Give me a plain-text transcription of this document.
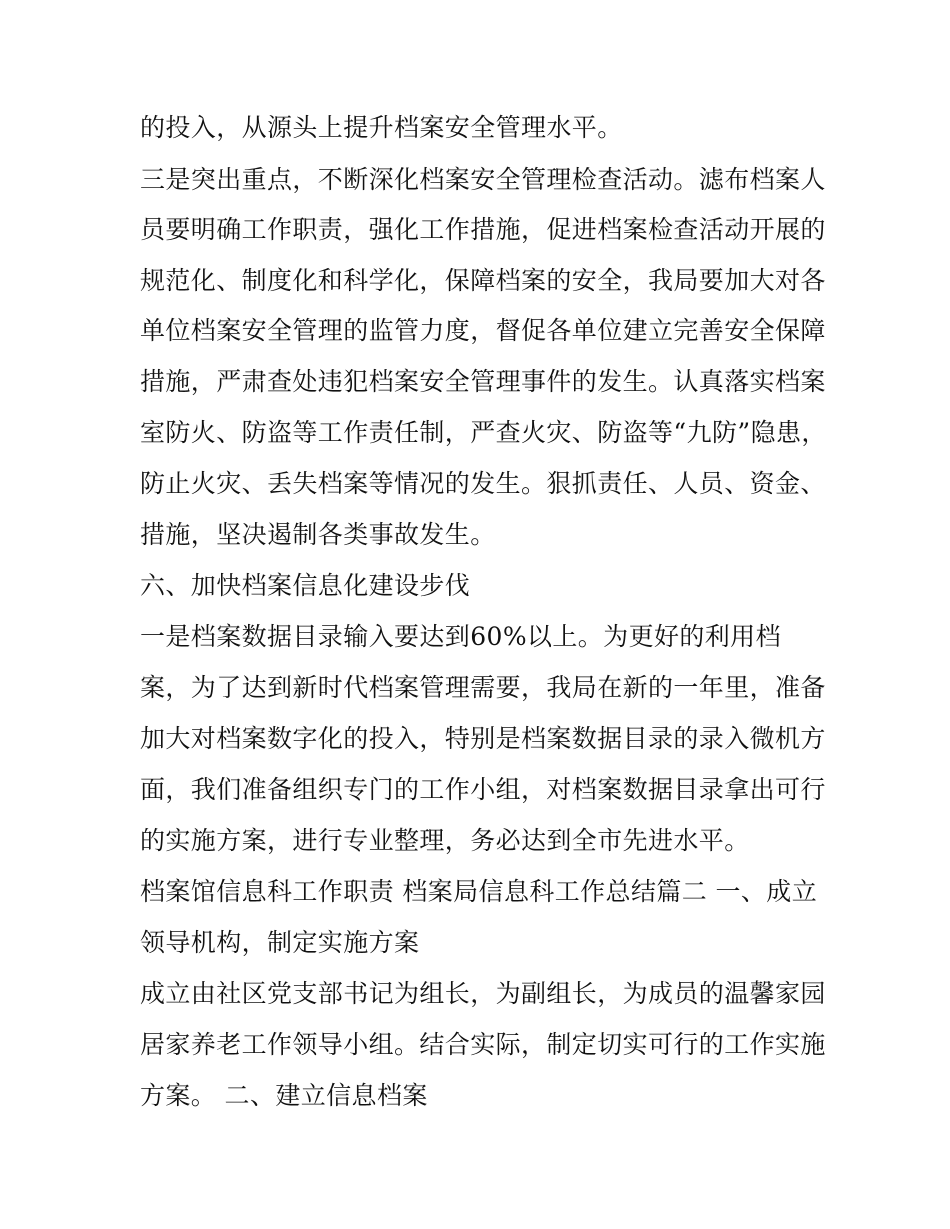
的投入，从源头上提升档案安全管理水平。
三是突出重点，不断深化档案安全管理检查活动。滤布档案人
员要明确工作职责，强化工作措施，促进档案检查活动开展的
规范化、制度化和科学化，保障档案的安全，我局要加大对各
单位档案安全管理的监管力度，督促各单位建立完善安全保障
措施，严肃查处违犯档案安全管理事件的发生。认真落实档案
室防火、防盗等工作责任制，严查火灾、防盗等“九防”隐患，
防止火灾、丢失档案等情况的发生。狠抓责任、人员、资金、
措施，坚决遏制各类事故发生。
六、加快档案信息化建设步伐
一是档案数据目录输入要达到60%以上。为更好的利用档
案，为了达到新时代档案管理需要，我局在新的一年里，准备
加大对档案数字化的投入，特别是档案数据目录的录入微机方
面，我们准备组织专门的工作小组，对档案数据目录拿出可行
的实施方案，进行专业整理，务必达到全市先进水平。
档案馆信息科工作职责 档案局信息科工作总结篇二 一、成立
领导机构，制定实施方案
成立由社区党支部书记为组长，为副组长，为成员的温馨家园
居家养老工作领导小组。结合实际，制定切实可行的工作实施
方案。 二、建立信息档案
